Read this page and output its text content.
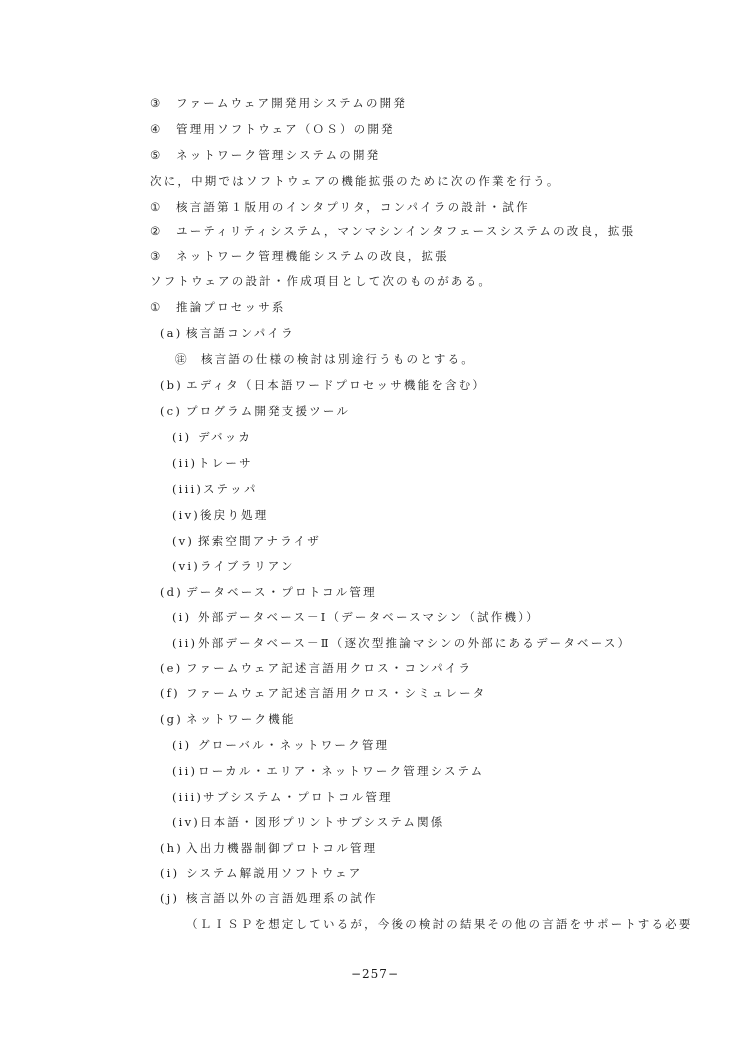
③ ファームウェア開発用システムの開発
④ 管理用ソフトウェア（ＯＳ）の開発
⑤ ネットワーク管理システムの開発
次に，中期ではソフトウェアの機能拡張のために次の作業を行う。
① 核言語第１版用のインタプリタ，コンパイラの設計・試作
② ユーティリティシステム，マンマシンインタフェースシステムの改良，拡張
③ ネットワーク管理機能システムの改良，拡張
ソフトウェアの設計・作成項目として次のものがある。
① 推論プロセッサ系
(a) 核言語コンパイラ
㊟ 核言語の仕様の検討は別途行うものとする。
(b) エディタ（日本語ワードプロセッサ機能を含む）
(c) プログラム開発支援ツール
(i) デバッカ
(ii)トレーサ
(iii)ステッパ
(iv)後戻り処理
(v) 探索空間アナライザ
(vi)ライブラリアン
(d) データベース・プロトコル管理
(i) 外部データベース－Ⅰ（データベースマシン（試作機））
(ii)外部データベース－Ⅱ（逐次型推論マシンの外部にあるデータベース）
(e) ファームウェア記述言語用クロス・コンパイラ
(f) ファームウェア記述言語用クロス・シミュレータ
(g) ネットワーク機能
(i) グローバル・ネットワーク管理
(ii)ローカル・エリア・ネットワーク管理システム
(iii)サブシステム・プロトコル管理
(iv)日本語・図形プリントサブシステム関係
(h) 入出力機器制御プロトコル管理
(i) システム解説用ソフトウェア
(j) 核言語以外の言語処理系の試作
（ＬＩＳＰを想定しているが，今後の検討の結果その他の言語をサポートする必要
−257−
